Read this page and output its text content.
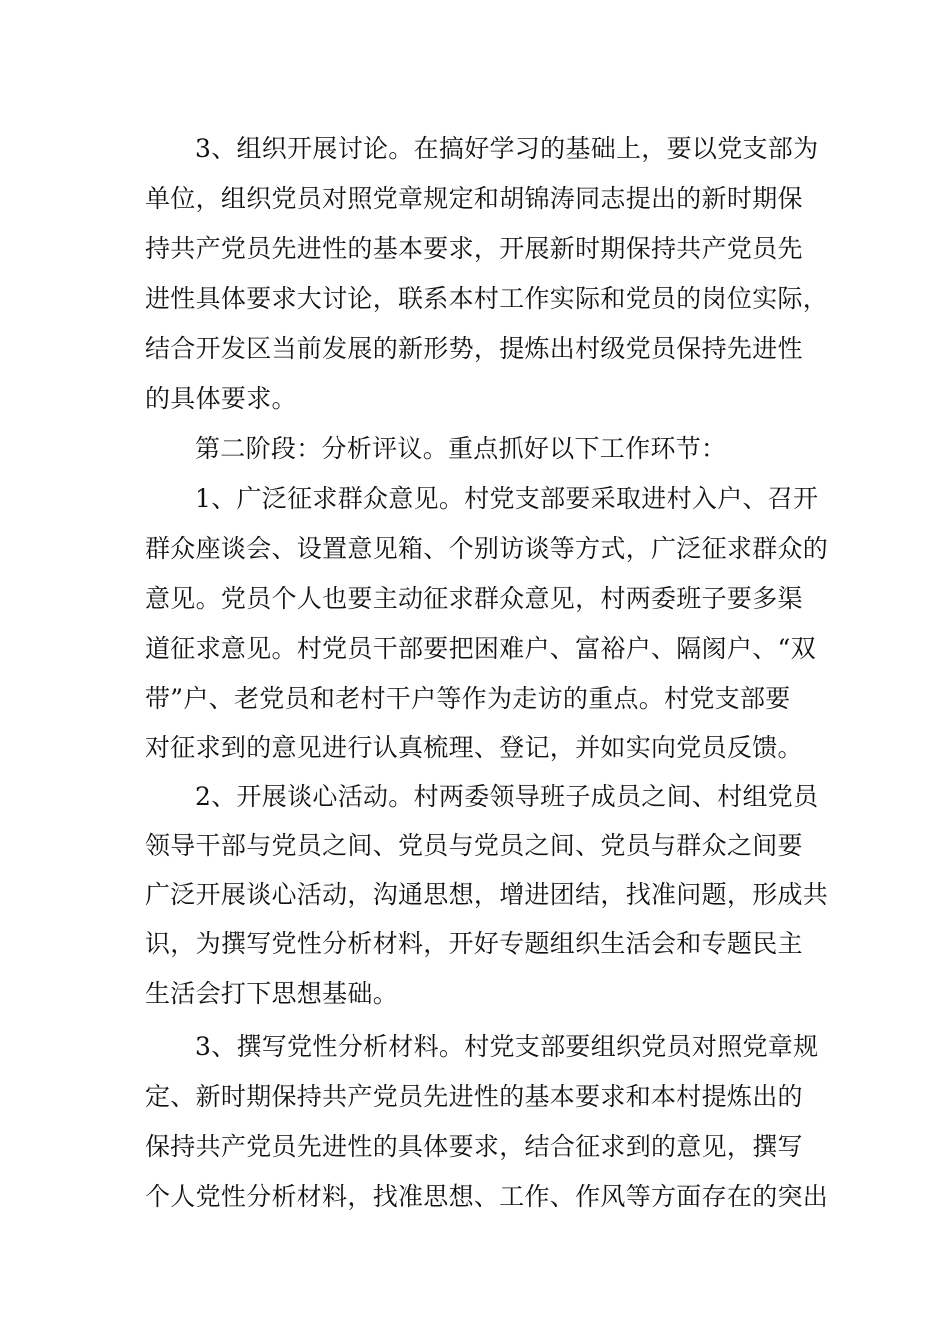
3、组织开展讨论。在搞好学习的基础上，要以党支部为
单位，组织党员对照党章规定和胡锦涛同志提出的新时期保
持共产党员先进性的基本要求，开展新时期保持共产党员先
进性具体要求大讨论，联系本村工作实际和党员的岗位实际，
结合开发区当前发展的新形势，提炼出村级党员保持先进性
的具体要求。
第二阶段：分析评议。重点抓好以下工作环节：
1、广泛征求群众意见。村党支部要采取进村入户、召开
群众座谈会、设置意见箱、个别访谈等方式，广泛征求群众的
意见。党员个人也要主动征求群众意见，村两委班子要多渠
道征求意见。村党员干部要把困难户、富裕户、隔阂户、“双
带”户、老党员和老村干户等作为走访的重点。村党支部要
对征求到的意见进行认真梳理、登记，并如实向党员反馈。
2、开展谈心活动。村两委领导班子成员之间、村组党员
领导干部与党员之间、党员与党员之间、党员与群众之间要
广泛开展谈心活动，沟通思想，增进团结，找准问题，形成共
识，为撰写党性分析材料，开好专题组织生活会和专题民主
生活会打下思想基础。
3、撰写党性分析材料。村党支部要组织党员对照党章规
定、新时期保持共产党员先进性的基本要求和本村提炼出的
保持共产党员先进性的具体要求，结合征求到的意见，撰写
个人党性分析材料，找准思想、工作、作风等方面存在的突出
